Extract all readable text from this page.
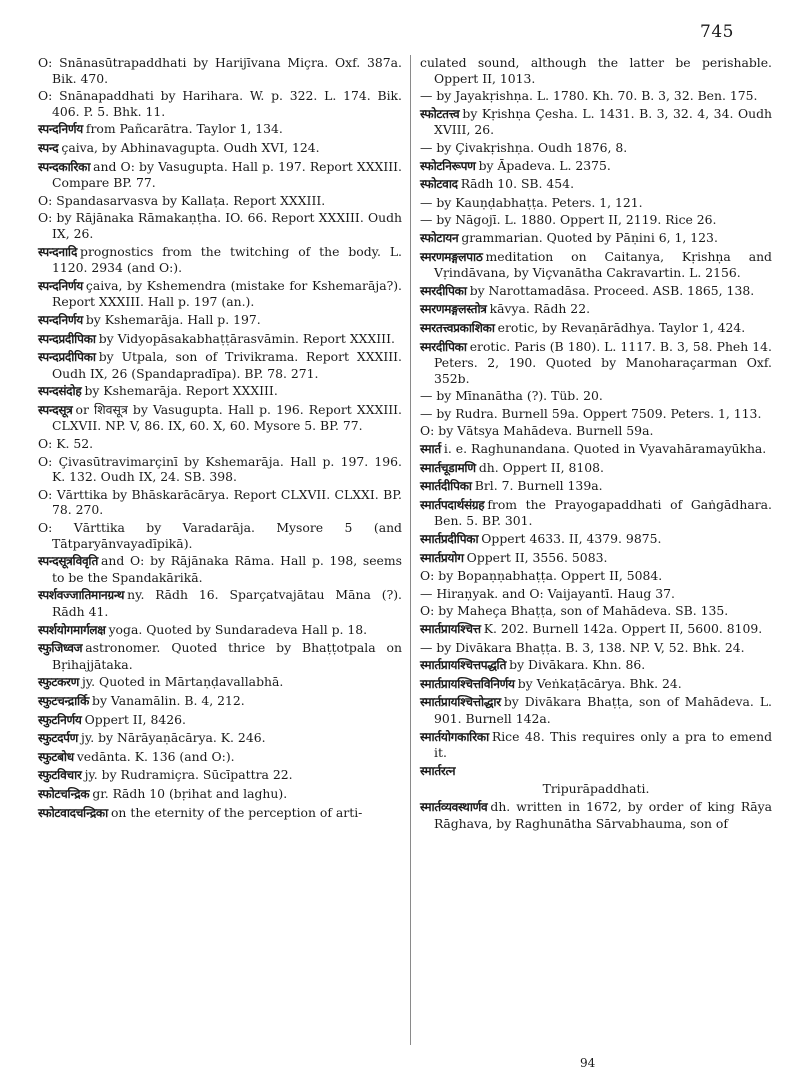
745
O: Snānasūtrapaddhati by Harijīvana Miçra. Oxf. 387a. Bik. 470.
O: Snānapaddhati by Harihara. W. p. 322. L. 174. Bik. 406. P. 5. Bhk. 11.
स्पन्दनिर्णय from Pañcarātra. Taylor 1, 134.
स्पन्द çaiva, by Abhinavagupta. Oudh XVI, 124.
स्पन्दकारिका and O: by Vasugupta. Hall p. 197. Report XXXIII. Compare BP. 77.
O: Spandasarvasva by Kallaṭa. Report XXXIII.
O: by Rājānaka Rāmakaṇṭha. IO. 66. Report XXXIII. Oudh IX, 26.
स्पन्दनादि prognostics from the twitching of the body. L. 1120. 2934 (and O:).
स्पन्दनिर्णय çaiva, by Kshemendra (mistake for Kshemarāja?). Report XXXIII. Hall p. 197 (an.).
स्पन्दनिर्णय by Kshemarāja. Hall p. 197.
स्पन्दप्रदीपिका by Vidyopāsakabhaṭṭārasvāmin. Report XXXIII.
स्पन्दप्रदीपिका by Utpala, son of Trivikrama. Report XXXIII. Oudh IX, 26 (Spandapradīpa). BP. 78. 271.
स्पन्दसंदोह by Kshemarāja. Report XXXIII.
स्पन्दसूत्र or शिवसूत्र by Vasugupta. Hall p. 196. Report XXXIII. CLXVII. NP. V, 86. IX, 60. X, 60. Mysore 5. BP. 77.
O: K. 52.
O: Çivasūtravimarçinī by Kshemarāja. Hall p. 197. 196. K. 132. Oudh IX, 24. SB. 398.
O: Vārttika by Bhāskarācārya. Report CLXVII. CLXXI. BP. 78. 270.
O: Vārttika by Varadarāja. Mysore 5 (and Tātparyānvayadīpikā).
स्पन्दसूत्रविवृति and O: by Rājānaka Rāma. Hall p. 198, seems to be the Spandakārikā.
स्पर्शवज्जातिमानग्रन्थ ny. Rādh 16. Sparçatvajātau Māna (?). Rādh 41.
स्पर्शयोगमार्गलक्ष yoga. Quoted by Sundaradeva Hall p. 18.
स्फुजिध्वज astronomer. Quoted thrice by Bhaṭṭotpala on Bṛihajjātaka.
स्फुटकरण jy. Quoted in Mārtaṇḍavallabhā.
स्फुटचन्द्रार्कि by Vanamālin. B. 4, 212.
स्फुटनिर्णय Oppert II, 8426.
स्फुटदर्पण jy. by Nārāyaṇācārya. K. 246.
स्फुटबोध vedānta. K. 136 (and O:).
स्फुटविचार jy. by Rudramiçra. Sūcīpattra 22.
स्फोटचन्द्रिक gr. Rādh 10 (bṛihat and laghu).
स्फोटवादचन्द्रिका on the eternity of the perception of arti-
culated sound, although the latter be perishable. Oppert II, 1013.
— by Jayakṛishṇa. L. 1780. Kh. 70. B. 3, 32. Ben. 175.
स्फोटतत्त्व by Kṛishṇa Çesha. L. 1431. B. 3, 32. 4, 34. Oudh XVIII, 26.
— by Çivakṛishṇa. Oudh 1876, 8.
स्फोटनिरूपण by Āpadeva. L. 2375.
स्फोटवाद Rādh 10. SB. 454.
— by Kauṇḍabhaṭṭa. Peters. 1, 121.
— by Nāgojī. L. 1880. Oppert II, 2119. Rice 26.
स्फोटायन grammarian. Quoted by Pāṇini 6, 1, 123.
स्मरणमङ्गलपाठ meditation on Caitanya, Kṛishṇa and Vṛindāvana, by Viçvanātha Cakravartin. L. 2156.
स्मरदीपिका by Narottamadāsa. Proceed. ASB. 1865, 138.
स्मरणमङ्गलस्तोत्र kāvya. Rādh 22.
स्मरतत्त्वप्रकाशिका erotic, by Revaṇārādhya. Taylor 1, 424.
स्मरदीपिका erotic. Paris (B 180). L. 1117. B. 3, 58. Pheh 14. Peters. 2, 190. Quoted by Manoharaçarman Oxf. 352b.
— by Mīnanātha (?). Tüb. 20.
— by Rudra. Burnell 59a. Oppert 7509. Peters. 1, 113.
O: by Vātsya Mahādeva. Burnell 59a.
स्मार्त i. e. Raghunandana. Quoted in Vyavahāramayūkha.
स्मार्तचूडामणि dh. Oppert II, 8108.
स्मार्तदीपिका Brl. 7. Burnell 139a.
स्मार्तपदार्थसंग्रह from the Prayogapaddhati of Gaṅgādhara. Ben. 5. BP. 301.
स्मार्तप्रदीपिका Oppert 4633. II, 4379. 9875.
स्मार्तप्रयोग Oppert II, 3556. 5083.
O: by Bopaṇṇabhaṭṭa. Oppert II, 5084.
— Hiraṇyak. and O: Vaijayantī. Haug 37.
O: by Maheça Bhaṭṭa, son of Mahādeva. SB. 135.
स्मार्तप्रायश्चित्त K. 202. Burnell 142a. Oppert II, 5600. 8109.
— by Divākara Bhaṭṭa. B. 3, 138. NP. V, 52. Bhk. 24.
स्मार्तप्रायश्चित्तपद्धति by Divākara. Khn. 86.
स्मार्तप्रायश्चित्तविनिर्णय by Veṅkaṭācārya. Bhk. 24.
स्मार्तप्रायश्चित्तोद्धार by Divākara Bhaṭṭa, son of Mahādeva. L. 901. Burnell 142a.
स्मार्तयोगकारिका Rice 48. This requires only a pra to emend it.
स्मार्तरत्न
Tripurāpaddhati.
स्मार्तव्यवस्थार्णव dh. written in 1672, by order of king Rāya Rāghava, by Raghunātha Sārvabhauma, son of
94
